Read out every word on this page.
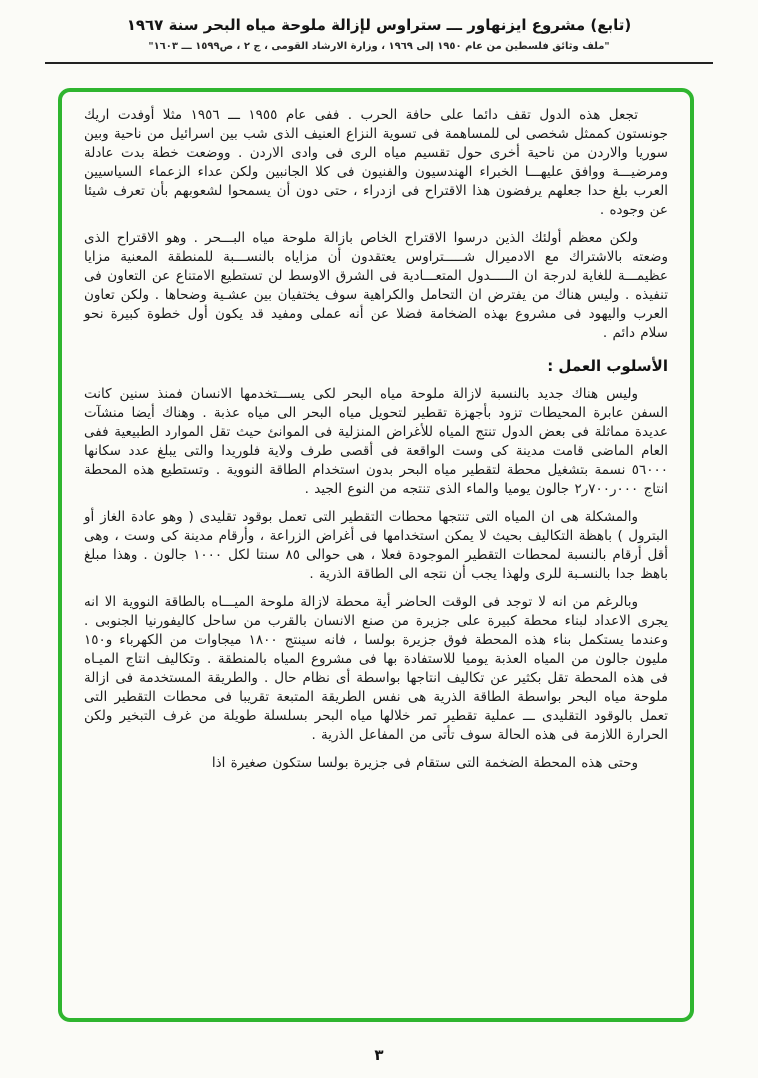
(تابع) مشروع ايزنهاور ـــ ستراوس لإزالة ملوحة مياه البحر سنة ١٩٦٧
"ملف وثائق فلسطين من عام ١٩٥٠ إلى ١٩٦٩ ، وزارة الارشاد القومى ، ج ٢ ، ص١٥٩٩ ـــ ١٦٠٣"

تجعل هذه الدول تقف دائما على حافة الحرب . ففى عام ١٩٥٥ ـــ ١٩٥٦ مثلا أوفدت اريك جونستون كممثل شخصى لى للمساهمة فى تسوية النزاع العنيف الذى شب بين اسرائيل من ناحية وبين سوريا والاردن من ناحية أخرى حول تقسيم مياه الرى فى وادى الاردن . ووضعت خطة بدت عادلة ومرضيـــة ووافق عليهـــا الخبراء الهندسيون والفنيون فى كلا الجانبين ولكن عداء الزعماء السياسيين العرب بلغ حدا جعلهم يرفضون هذا الاقتراح فى ازدراء ، حتى دون أن يسمحوا لشعوبهم بأن تعرف شيئا عن وجوده .

ولكن معظم أولئك الذين درسوا الاقتراح الخاص بازالة ملوحة مياه البـــحر . وهو الاقتراح الذى وضعته بالاشتراك مع الادميرال شـــــتراوس يعتقدون أن مزاياه بالنســـبة للمنطقة المعنية مزايا عظيمـــة للغاية لدرجة ان الـــــدول المتعـــادية فى الشرق الاوسط لن تستطيع الامتناع عن التعاون فى تنفيذه . وليس هناك من يفترض ان التحامل والكراهية سوف يختفيان بين عشـية وضحاها . ولكن تعاون العرب واليهود فى مشروع بهذه الضخامة فضلا عن أنه عملى ومفيد قد يكون أول خطوة كبيرة نحو سلام دائم .

الأسلوب العمل :

وليس هناك جديد بالنسبة لازالة ملوحة مياه البحر لكى يســـتخدمها الانسان فمنذ سنين كانت السفن عابرة المحيطات تزود بأجهزة تقطير لتحويل مياه البحر الى مياه عذبة . وهناك أيضا منشآت عديدة مماثلة فى بعض الدول تنتج المياه للأغراض المنزلية فى الموانئ حيث تقل الموارد الطبيعية ففى العام الماضى قامت مدينة كى وست الواقعة فى أقصى طرف ولاية فلوريدا والتى يبلغ عدد سكانها ٥٦٠٠٠ نسمة بتشغيل محطة لتقطير مياه البحر بدون استخدام الطاقة النووية . وتستطيع هذه المحطة انتاج ٠٠٠ر٧٠٠ر٢ جالون يوميا والماء الذى تنتجه من النوع الجيد .

والمشكلة هى ان المياه التى تنتجها محطات التقطير التى تعمل بوقود تقليدى ( وهو عادة الغاز أو البترول ) باهظة التكاليف بحيث لا يمكن استخدامها فى أغراض الزراعة ، وأرقام مدينة كى وست ، وهى أقل أرقام بالنسبة لمحطات التقطير الموجودة فعلا ، هى حوالى ٨٥ سنتا لكل ١٠٠٠ جالون . وهذا مبلغ باهظ جدا بالنسـبة للرى ولهذا يجب أن نتجه الى الطاقة الذرية .

وبالرغم من انه لا توجد فى الوقت الحاضر أية محطة لازالة ملوحة الميـــاه بالطاقة النووية الا انه يجرى الاعداد لبناء محطة كبيرة على جزيرة من صنع الانسان بالقرب من ساحل كاليفورنيا الجنوبى . وعندما يستكمل بناء هذه المحطة فوق جزيرة بولسا ، فانه سينتج ١٨٠٠ ميجاوات من الكهرباء و١٥٠ مليون جالون من المياه العذبة يوميا للاستفادة بها فى مشروع المياه بالمنطقة . وتكاليف انتاج الميـاه فى هذه المحطة تقل بكثير عن تكاليف انتاجها بواسطة أى نظام حال . والطريقة المستخدمة فى ازالة ملوحة مياه البحر بواسطة الطاقة الذرية هى نفس الطريقة المتبعة تقريبا فى محطات التقطير التى تعمل بالوقود التقليدى ـــ عملية تقطير تمر خلالها مياه البحر بسلسلة طويلة من غرف التبخير ولكن الحرارة اللازمة فى هذه الحالة سوف تأتى من المفاعل الذرية .

وحتى هذه المحطة الضخمة التى ستقام فى جزيرة بولسا ستكون صغيرة اذا

٣
